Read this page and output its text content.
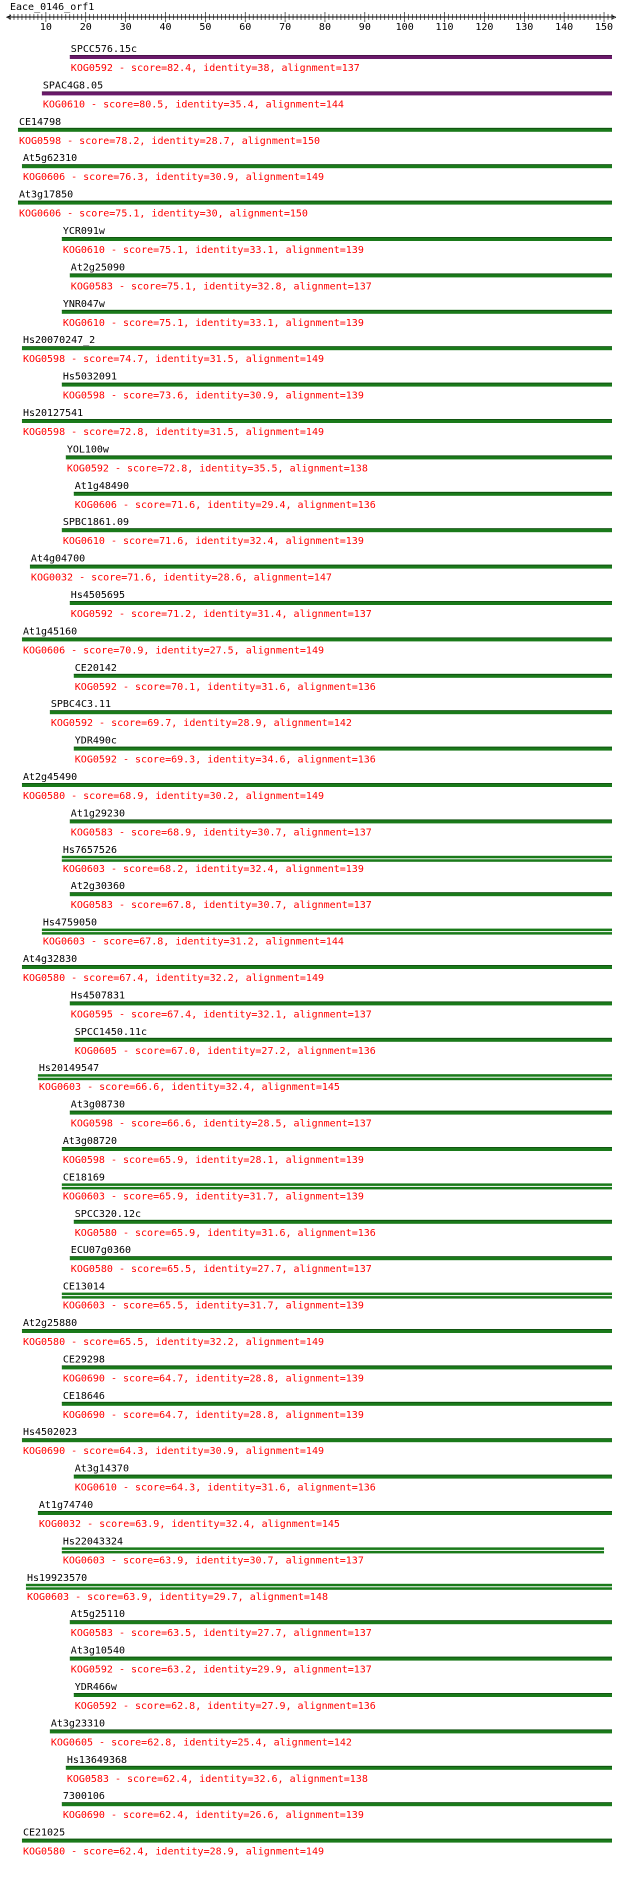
Eace_0146_orf1
<	>
10	20	30	40	50	60	70	80	90 100 110 120 130 140 150
SPCC576.15c
KOG0592 - score=82.4, identity=38, alignment=137
SPAC4G8.05
KOG0610 - score=80.5, identity=35.4, alignment=144
CE14798
KOG0598 - score=78.2, identity=28.7, alignment=150
At5g62310
KOG0606 - score=76.3, identity=30.9, alignment=149
At3g17850
KOG0606 - score=75.1, identity=30, alignment=150
YCR091w
KOG0610 - score=75.1, identity=33.1, alignment=139
At2g25090
KOG0583 - score=75.1, identity=32.8, alignment=137
YNR047w
KOG0610 - score=75.1, identity=33.1, alignment=139
Hs20070247_2
KOG0598 - score=74.7, identity=31.5, alignment=149
Hs5032091
KOG0598 - score=73.6, identity=30.9, alignment=139
Hs20127541
KOG0598 - score=72.8, identity=31.5, alignment=149
YOL100w
KOG0592 - score=72.8, identity=35.5, alignment=138
At1g48490
KOG0606 - score=71.6, identity=29.4, alignment=136
SPBC1861.09
KOG0610 - score=71.6, identity=32.4, alignment=139
At4g04700
KOG0032 - score=71.6, identity=28.6, alignment=147
Hs4505695
KOG0592 - score=71.2, identity=31.4, alignment=137
At1g45160
KOG0606 - score=70.9, identity=27.5, alignment=149
CE20142
KOG0592 - score=70.1, identity=31.6, alignment=136
SPBC4C3.11
KOG0592 - score=69.7, identity=28.9, alignment=142
YDR490c
KOG0592 - score=69.3, identity=34.6, alignment=136
At2g45490
KOG0580 - score=68.9, identity=30.2, alignment=149
At1g29230
KOG0583 - score=68.9, identity=30.7, alignment=137
Hs7657526
KOG0603 - score=68.2, identity=32.4, alignment=139
At2g30360
KOG0583 - score=67.8, identity=30.7, alignment=137
Hs4759050
KOG0603 - score=67.8, identity=31.2, alignment=144
At4g32830
KOG0580 - score=67.4, identity=32.2, alignment=149
Hs4507831
KOG0595 - score=67.4, identity=32.1, alignment=137
SPCC1450.11c
KOG0605 - score=67.0, identity=27.2, alignment=136
Hs20149547
KOG0603 - score=66.6, identity=32.4, alignment=145
At3g08730
KOG0598 - score=66.6, identity=28.5, alignment=137
At3g08720
KOG0598 - score=65.9, identity=28.1, alignment=139
CE18169
KOG0603 - score=65.9, identity=31.7, alignment=139
SPCC320.12c
KOG0580 - score=65.9, identity=31.6, alignment=136
ECU07g0360
KOG0580 - score=65.5, identity=27.7, alignment=137
CE13014
KOG0603 - score=65.5, identity=31.7, alignment=139
At2g25880
KOG0580 - score=65.5, identity=32.2, alignment=149
CE29298
KOG0690 - score=64.7, identity=28.8, alignment=139
CE18646
KOG0690 - score=64.7, identity=28.8, alignment=139
Hs4502023
KOG0690 - score=64.3, identity=30.9, alignment=149
At3g14370
KOG0610 - score=64.3, identity=31.6, alignment=136
At1g74740
KOG0032 - score=63.9, identity=32.4, alignment=145
Hs22043324
KOG0603 - score=63.9, identity=30.7, alignment=137
Hs19923570
KOG0603 - score=63.9, identity=29.7, alignment=148
At5g25110
KOG0583 - score=63.5, identity=27.7, alignment=137
At3g10540
KOG0592 - score=63.2, identity=29.9, alignment=137
YDR466w
KOG0592 - score=62.8, identity=27.9, alignment=136
At3g23310
KOG0605 - score=62.8, identity=25.4, alignment=142
Hs13649368
KOG0583 - score=62.4, identity=32.6, alignment=138
7300106
KOG0690 - score=62.4, identity=26.6, alignment=139
CE21025
KOG0580 - score=62.4, identity=28.9, alignment=149
